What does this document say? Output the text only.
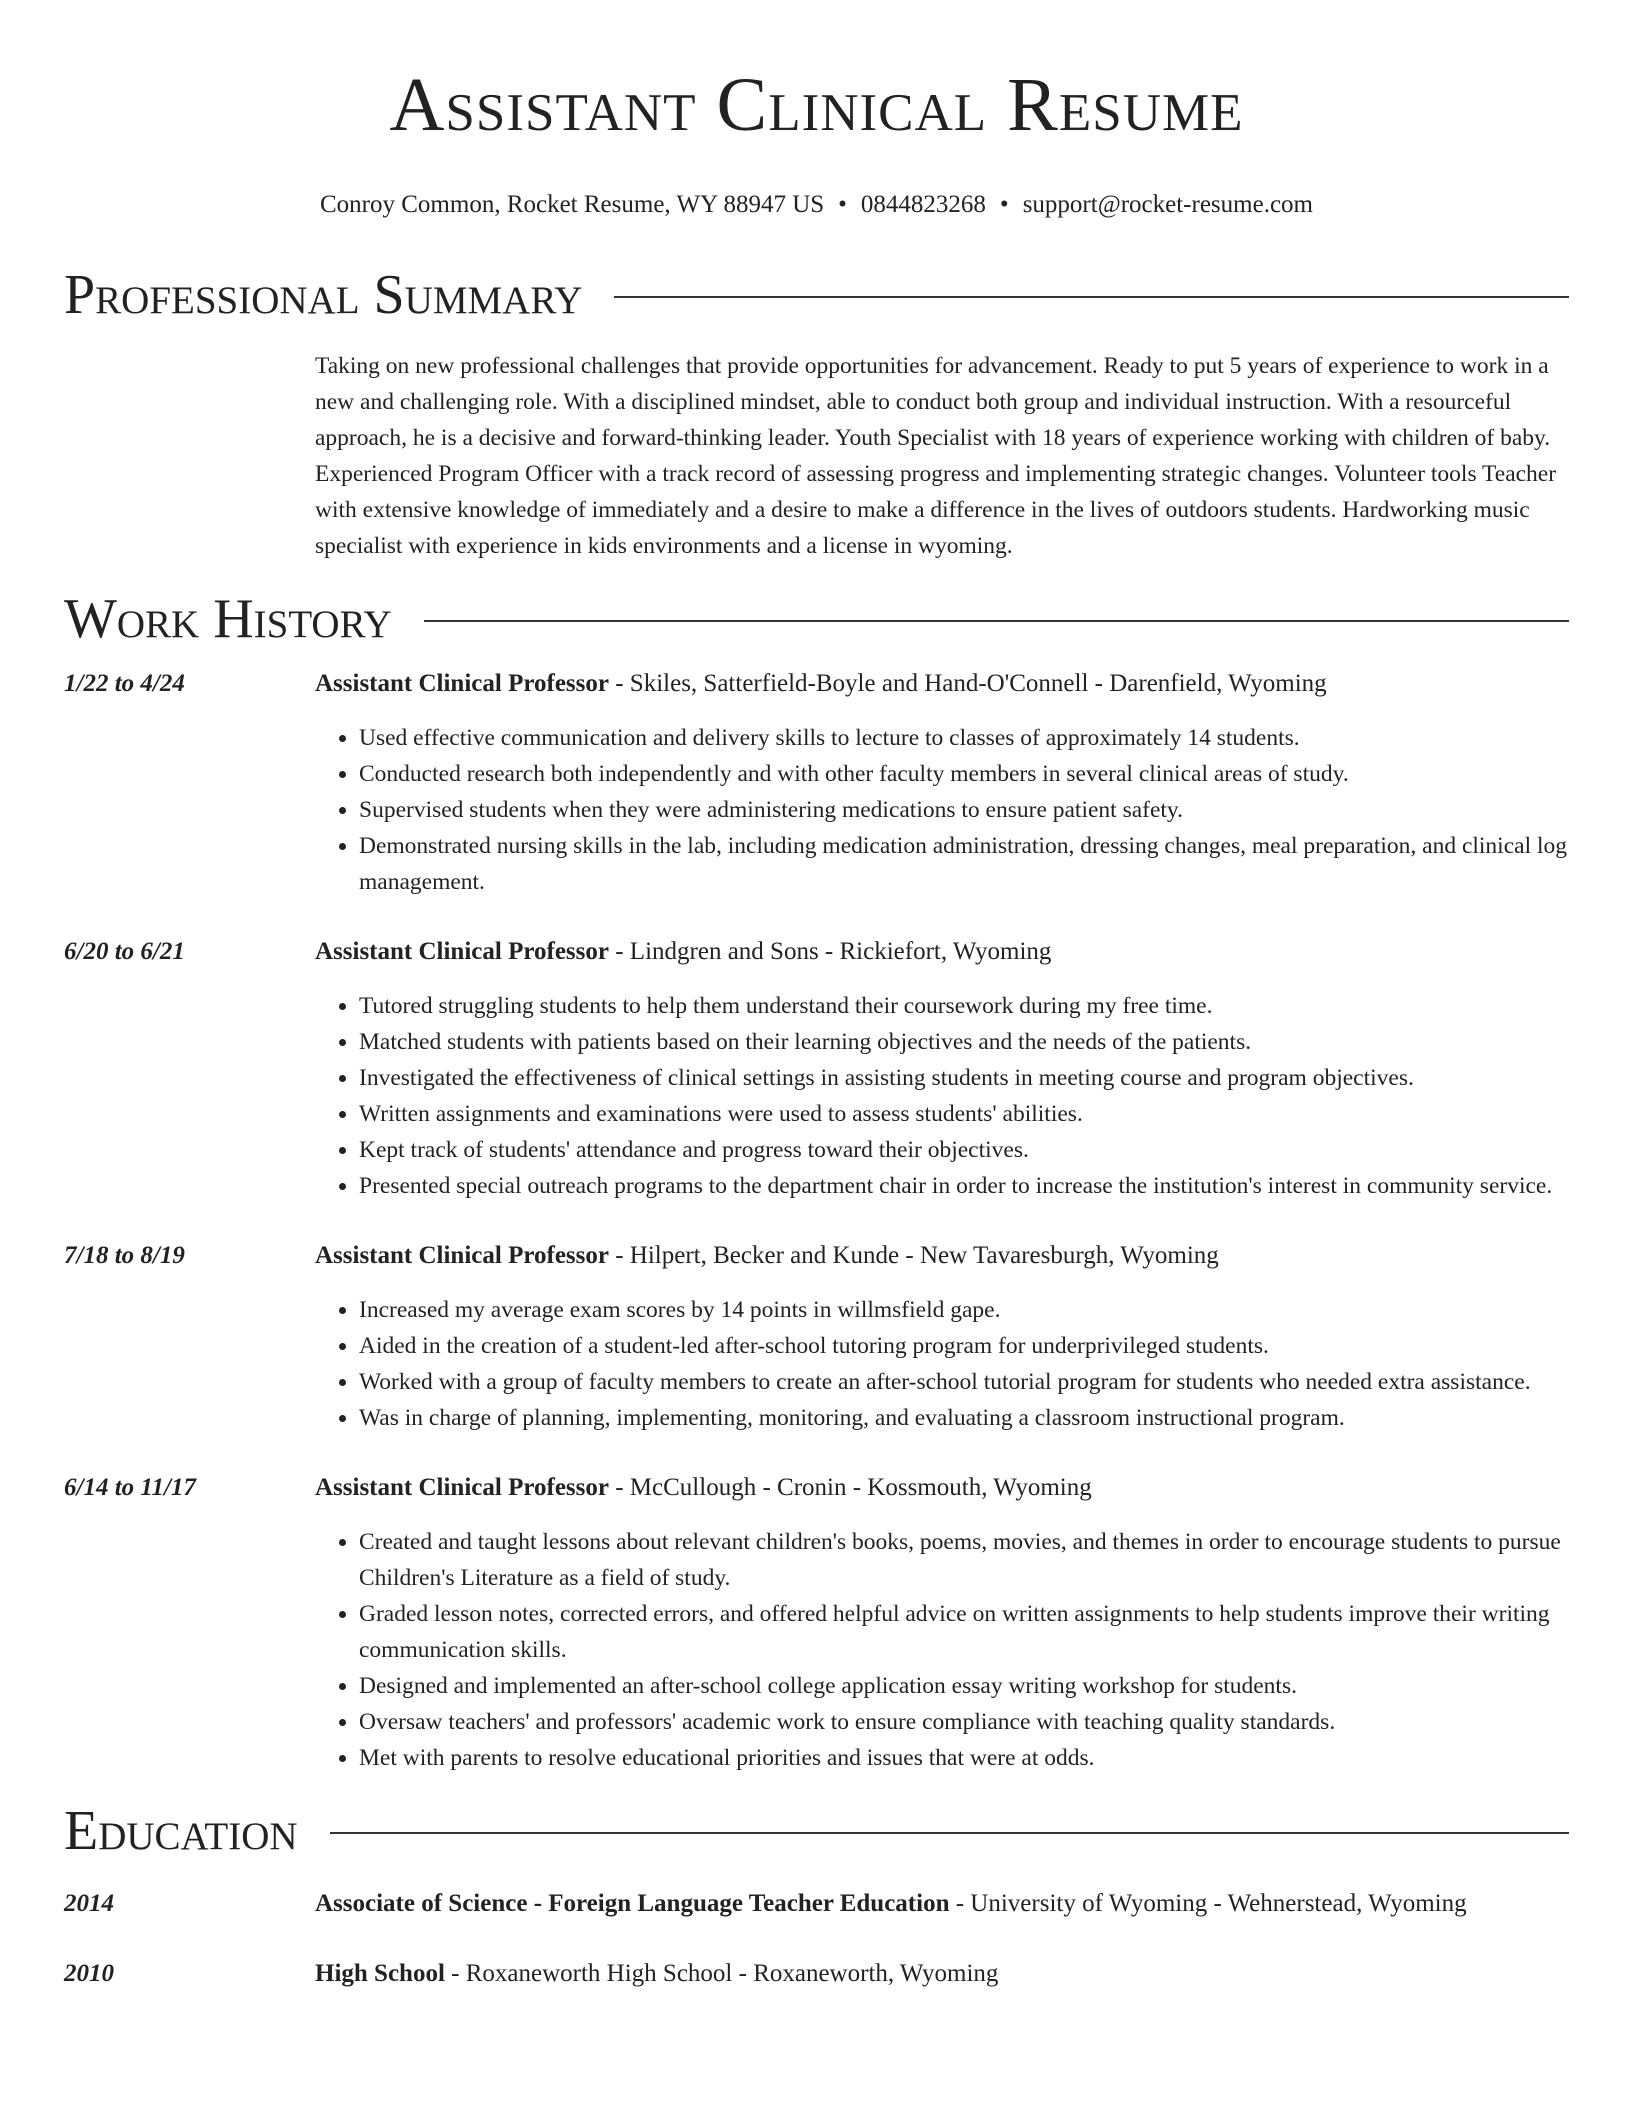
Assistant Clinical Resume
Conroy Common, Rocket Resume, WY 88947 US • 0844823268 • support@rocket-resume.com
Professional Summary
Taking on new professional challenges that provide opportunities for advancement. Ready to put 5 years of experience to work in a new and challenging role. With a disciplined mindset, able to conduct both group and individual instruction. With a resourceful approach, he is a decisive and forward-thinking leader. Youth Specialist with 18 years of experience working with children of baby. Experienced Program Officer with a track record of assessing progress and implementing strategic changes. Volunteer tools Teacher with extensive knowledge of immediately and a desire to make a difference in the lives of outdoors students. Hardworking music specialist with experience in kids environments and a license in wyoming.
Work History
1/22 to 4/24	Assistant Clinical Professor - Skiles, Satterfield-Boyle and Hand-O'Connell - Darenfield, Wyoming
• Used effective communication and delivery skills to lecture to classes of approximately 14 students.
• Conducted research both independently and with other faculty members in several clinical areas of study.
• Supervised students when they were administering medications to ensure patient safety.
• Demonstrated nursing skills in the lab, including medication administration, dressing changes, meal preparation, and clinical log management.
6/20 to 6/21	Assistant Clinical Professor - Lindgren and Sons - Rickiefort, Wyoming
• Tutored struggling students to help them understand their coursework during my free time.
• Matched students with patients based on their learning objectives and the needs of the patients.
• Investigated the effectiveness of clinical settings in assisting students in meeting course and program objectives.
• Written assignments and examinations were used to assess students' abilities.
• Kept track of students' attendance and progress toward their objectives.
• Presented special outreach programs to the department chair in order to increase the institution's interest in community service.
7/18 to 8/19	Assistant Clinical Professor - Hilpert, Becker and Kunde - New Tavaresburgh, Wyoming
• Increased my average exam scores by 14 points in willmsfield gape.
• Aided in the creation of a student-led after-school tutoring program for underprivileged students.
• Worked with a group of faculty members to create an after-school tutorial program for students who needed extra assistance.
• Was in charge of planning, implementing, monitoring, and evaluating a classroom instructional program.
6/14 to 11/17	Assistant Clinical Professor - McCullough - Cronin - Kossmouth, Wyoming
• Created and taught lessons about relevant children's books, poems, movies, and themes in order to encourage students to pursue Children's Literature as a field of study.
• Graded lesson notes, corrected errors, and offered helpful advice on written assignments to help students improve their writing communication skills.
• Designed and implemented an after-school college application essay writing workshop for students.
• Oversaw teachers' and professors' academic work to ensure compliance with teaching quality standards.
• Met with parents to resolve educational priorities and issues that were at odds.
Education
2014	Associate of Science - Foreign Language Teacher Education - University of Wyoming - Wehnerstead, Wyoming
2010	High School - Roxaneworth High School - Roxaneworth, Wyoming
